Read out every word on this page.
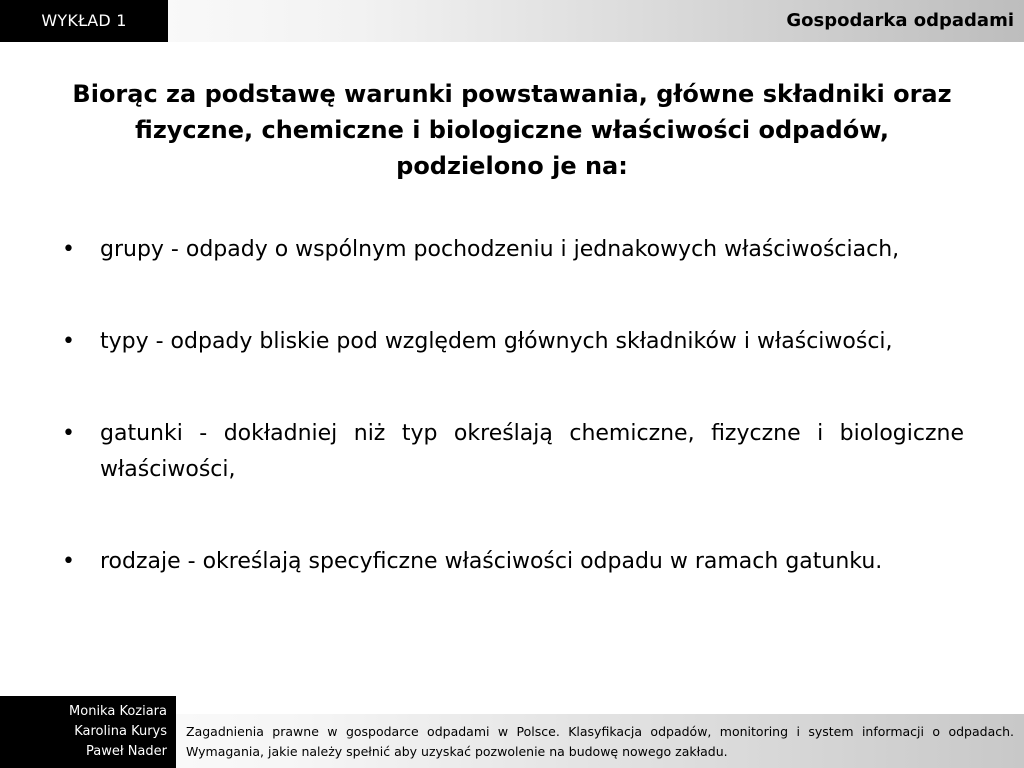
WYKŁAD 1	Gospodarka odpadami
Biorąc za podstawę warunki powstawania, główne składniki oraz fizyczne, chemiczne i biologiczne właściwości odpadów, podzielono je na:
• grupy - odpady o wspólnym pochodzeniu i jednakowych właściwościach,
• typy - odpady bliskie pod względem głównych składników i właściwości,
• gatunki - dokładniej niż typ określają chemiczne, fizyczne i biologiczne właściwości,
• rodzaje - określają specyficzne właściwości odpadu w ramach gatunku.
Monika Koziara
Karolina Kurys
Paweł Nader
Zagadnienia prawne w gospodarce odpadami w Polsce. Klasyfikacja odpadów, monitoring i system informacji o odpadach. Wymagania, jakie należy spełnić aby uzyskać pozwolenie na budowę nowego zakładu.
